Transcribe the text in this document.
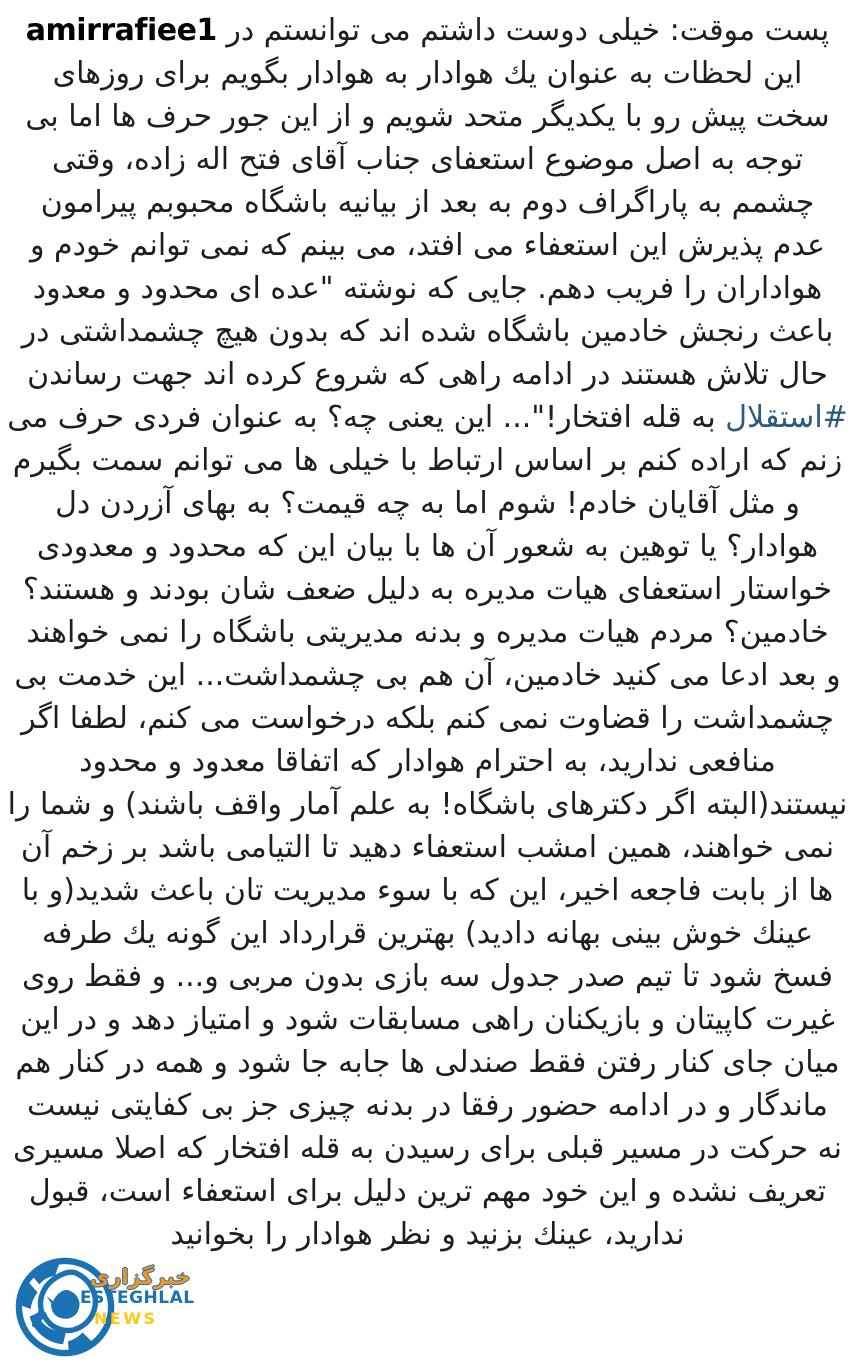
پست موقت: خیلی دوست داشتم می توانستم در amirrafiee1
این لحظات به عنوان یك هوادار به هوادار بگویم برای روزهای
سخت پیش رو با یکدیگر متحد شویم و از این جور حرف ها اما بی
توجه به اصل موضوع استعفای جناب آقای فتح اله زاده، وقتی
چشمم به پاراگراف دوم به بعد از بیانیه باشگاه محبوبم پیرامون
عدم پذیرش این استعفاء می افتد، می بینم که نمی توانم خودم و
هواداران را فریب دهم. جایی که نوشته "عده ای محدود و معدود
باعث رنجش خادمین باشگاه شده اند که بدون هیچ چشمداشتی در
حال تلاش هستند در ادامه راهی که شروع کرده اند جهت رساندن
#استقلال به قله افتخار!"... این یعنی چه؟ به عنوان فردی حرف می
زنم که اراده کنم بر اساس ارتباط با خیلی ها می توانم سمت بگیرم
و مثل آقایان خادم! شوم اما به چه قیمت؟ به بهای آزردن دل
هوادار؟ یا توهین به شعور آن ها با بیان این که محدود و معدودی
خواستار استعفای هیات مدیره به دلیل ضعف شان بودند و هستند؟
خادمین؟ مردم هیات مدیره و بدنه مدیریتی باشگاه را نمی خواهند
و بعد ادعا می کنید خادمین، آن هم بی چشمداشت... این خدمت بی
چشمداشت را قضاوت نمی کنم بلکه درخواست می کنم، لطفا اگر
منافعی ندارید، به احترام هوادار که اتفاقا معدود و محدود
نیستند(البته اگر دکترهای باشگاه! به علم آمار واقف باشند) و شما را
نمی خواهند، همین امشب استعفاء دهید تا التیامی باشد بر زخم آن
ها از بابت فاجعه اخیر، این که با سوء مدیریت تان باعث شدید(و با
عینك خوش بینی بهانه دادید) بهترین قرارداد این گونه یك طرفه
فسخ شود تا تیم صدر جدول سه بازی بدون مربی و... و فقط روی
غیرت کاپیتان و بازیکنان راهی مسابقات شود و امتیاز دهد و در این
میان جای کنار رفتن فقط صندلی ها جابه جا شود و همه در کنار هم
ماندگار و در ادامه حضور رفقا در بدنه چیزی جز بی کفایتی نیست
نه حرکت در مسیر قبلی برای رسیدن به قله افتخار که اصلا مسیری
تعریف نشده و این خود مهم ترین دلیل برای استعفاء است، قبول
ندارید، عینك بزنید و نظر هوادار را بخوانید
خبرگزاری
ESTEGHLAL
NEWS
